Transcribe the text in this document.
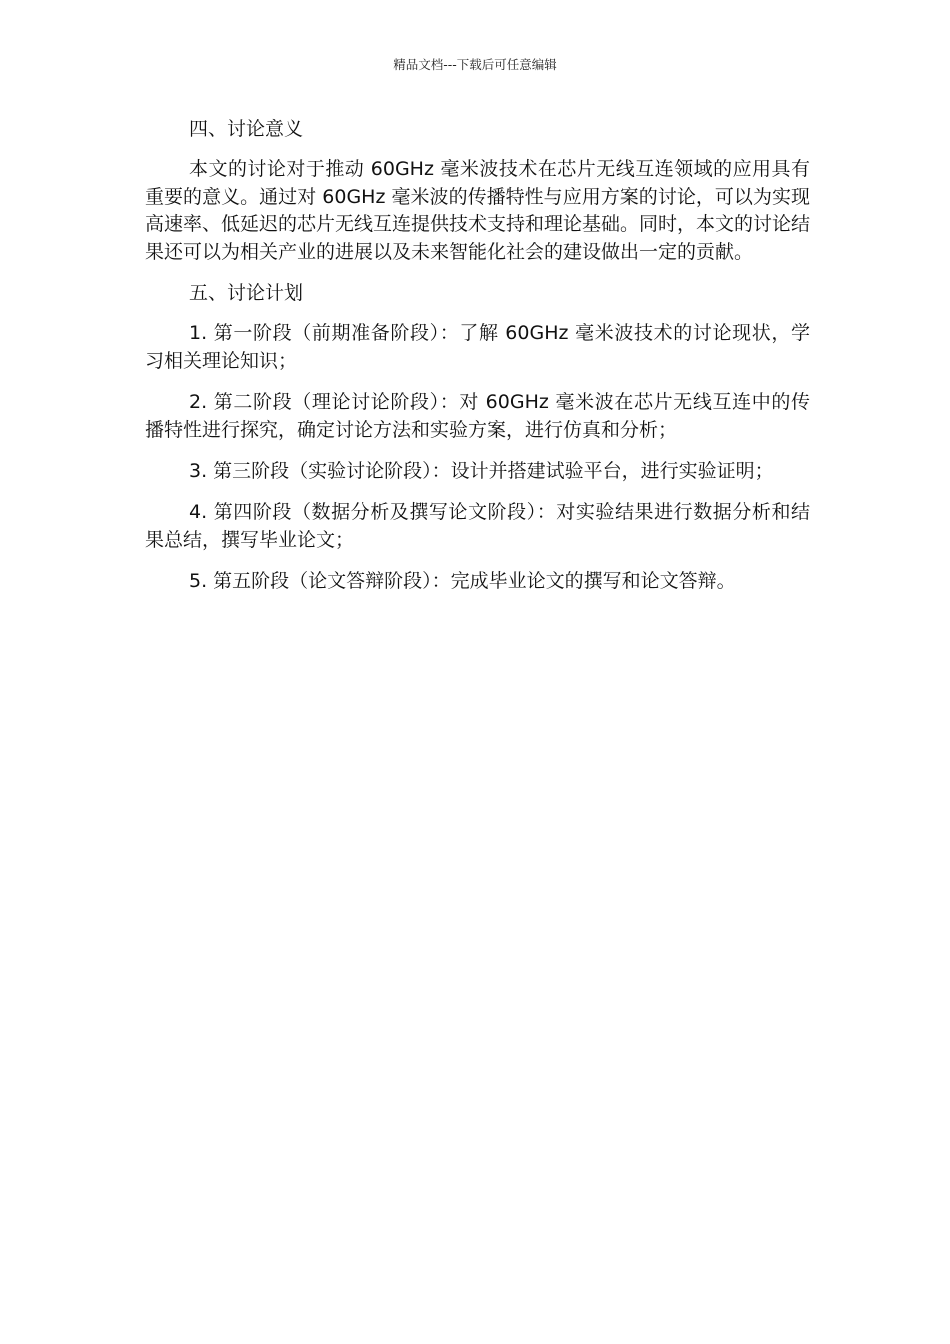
精品文档---下载后可任意编辑
四、讨论意义

本文的讨论对于推动 60GHz 毫米波技术在芯片无线互连领域的应用具有重要的意义。通过对 60GHz 毫米波的传播特性与应用方案的讨论，可以为实现高速率、低延迟的芯片无线互连提供技术支持和理论基础。同时，本文的讨论结果还可以为相关产业的进展以及未来智能化社会的建设做出一定的贡献。

五、讨论计划

1. 第一阶段（前期准备阶段）：了解 60GHz 毫米波技术的讨论现状，学习相关理论知识；

2. 第二阶段（理论讨论阶段）：对 60GHz 毫米波在芯片无线互连中的传播特性进行探究，确定讨论方法和实验方案，进行仿真和分析；

3. 第三阶段（实验讨论阶段）：设计并搭建试验平台，进行实验证明；

4. 第四阶段（数据分析及撰写论文阶段）：对实验结果进行数据分析和结果总结，撰写毕业论文；

5. 第五阶段（论文答辩阶段）：完成毕业论文的撰写和论文答辩。
